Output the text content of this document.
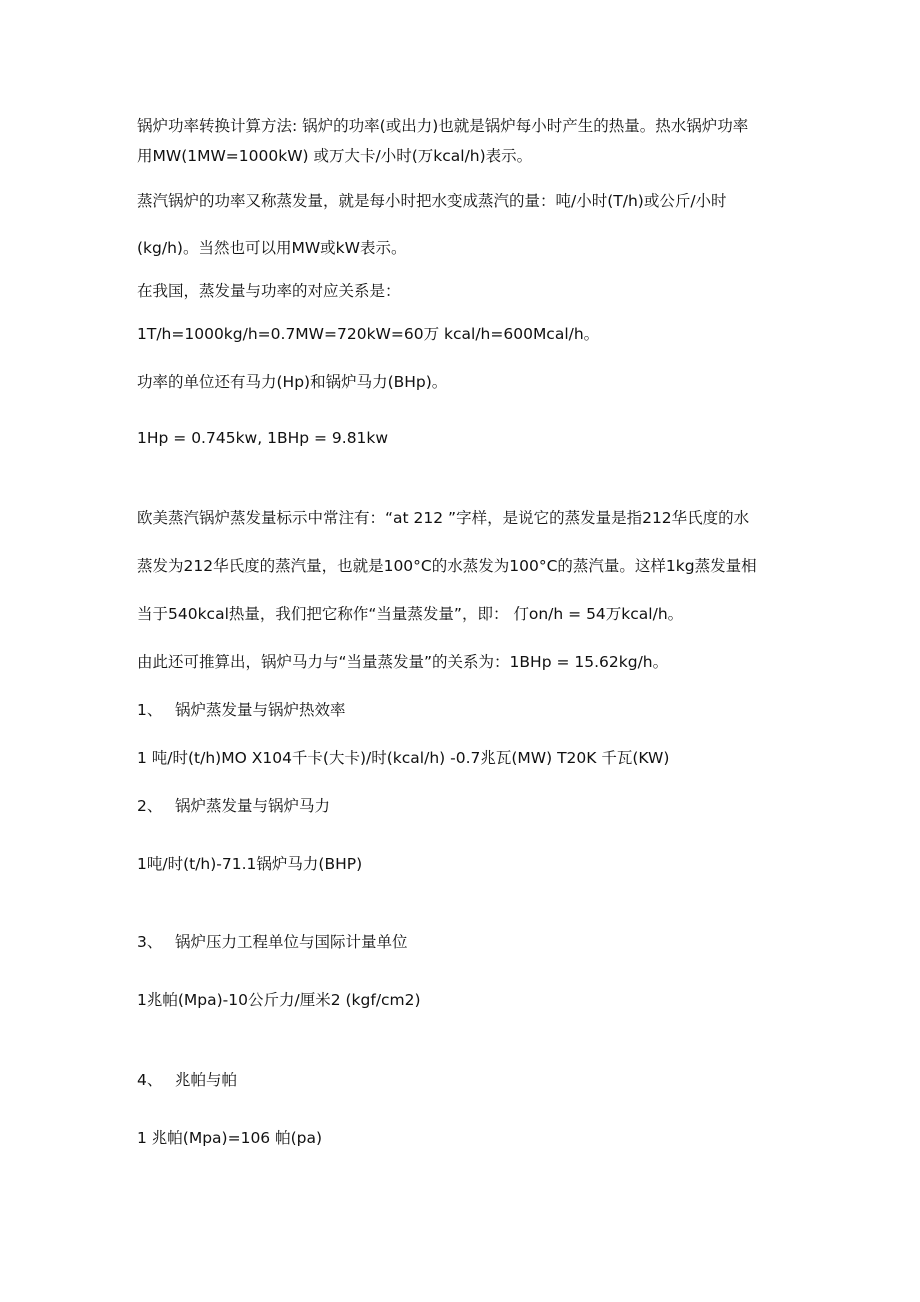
锅炉功率转换计算方法: 锅炉的功率(或出力)也就是锅炉每小时产生的热量。热水锅炉功率

用MW(1MW=1000kW) 或万大卡/小时(万kcal/h)表示。

蒸汽锅炉的功率又称蒸发量，就是每小时把水变成蒸汽的量：吨/小时(T/h)或公斤/小时

(kg/h)。当然也可以用MW或kW表示。

在我国，蒸发量与功率的对应关系是：

1T/h=1000kg/h=0.7MW=720kW=60万 kcal/h=600Mcal/h。

功率的单位还有马力(Hp)和锅炉马力(BHp)。

1Hp = 0.745kw, 1BHp = 9.81kw

欧美蒸汽锅炉蒸发量标示中常注有：“at 212 ”字样，是说它的蒸发量是指212华氏度的水

蒸发为212华氏度的蒸汽量，也就是100°C的水蒸发为100°C的蒸汽量。这样1kg蒸发量相

当于540kcal热量，我们把它称作“当量蒸发量”，即： 仃on/h = 54万kcal/h。

由此还可推算出，锅炉马力与“当量蒸发量”的关系为：1BHp = 15.62kg/h。

1、 锅炉蒸发量与锅炉热效率

1 吨/时(t/h)MO X104千卡(大卡)/时(kcal/h) -0.7兆瓦(MW) T20K 千瓦(KW)

2、 锅炉蒸发量与锅炉马力

1吨/时(t/h)-71.1锅炉马力(BHP)

3、 锅炉压力工程单位与国际计量单位

1兆帕(Mpa)-10公斤力/厘米2 (kgf/cm2)

4、 兆帕与帕

1 兆帕(Mpa)=106 帕(pa)
